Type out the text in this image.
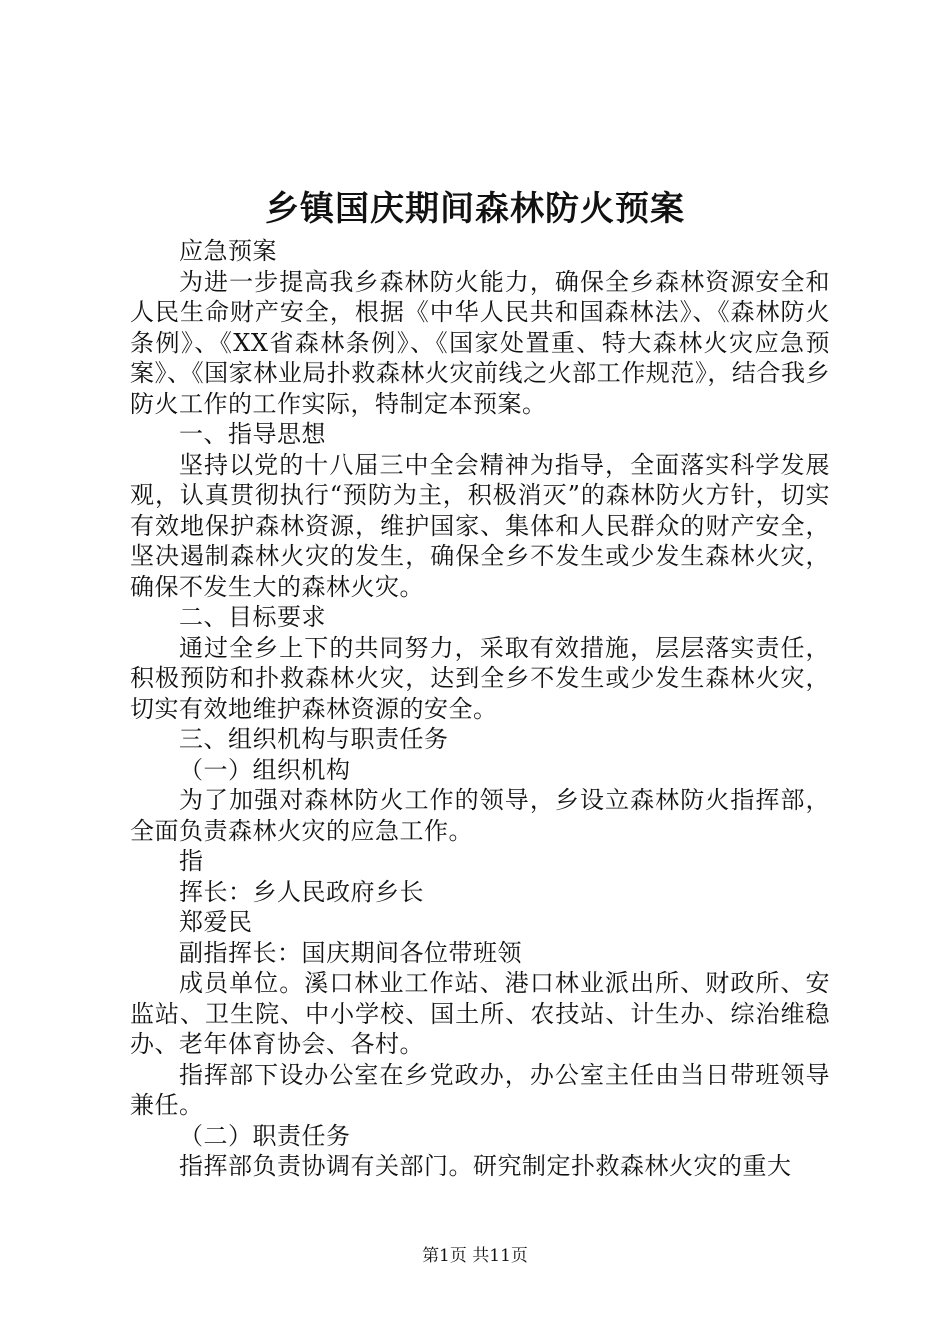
乡镇国庆期间森林防火预案

应急预案

为进一步提高我乡森林防火能力，确保全乡森林资源安全和人民生命财产安全，根据《中华人民共和国森林法》、《森林防火条例》、《XX省森林条例》、《国家处置重、特大森林火灾应急预案》、《国家林业局扑救森林火灾前线之火部工作规范》，结合我乡防火工作的工作实际，特制定本预案。

一、指导思想

坚持以党的十八届三中全会精神为指导，全面落实科学发展观，认真贯彻执行“预防为主，积极消灭”的森林防火方针，切实有效地保护森林资源，维护国家、集体和人民群众的财产安全，坚决遏制森林火灾的发生，确保全乡不发生或少发生森林火灾，确保不发生大的森林火灾。

二、目标要求

通过全乡上下的共同努力，采取有效措施，层层落实责任，积极预防和扑救森林火灾，达到全乡不发生或少发生森林火灾，切实有效地维护森林资源的安全。

三、组织机构与职责任务

（一）组织机构

为了加强对森林防火工作的领导，乡设立森林防火指挥部，全面负责森林火灾的应急工作。

指

挥长：乡人民政府乡长

郑爱民

副指挥长：国庆期间各位带班领

成员单位。溪口林业工作站、港口林业派出所、财政所、安监站、卫生院、中小学校、国土所、农技站、计生办、综治维稳办、老年体育协会、各村。

指挥部下设办公室在乡党政办，办公室主任由当日带班领导兼任。

（二）职责任务

指挥部负责协调有关部门。研究制定扑救森林火灾的重大

第1页 共11页
